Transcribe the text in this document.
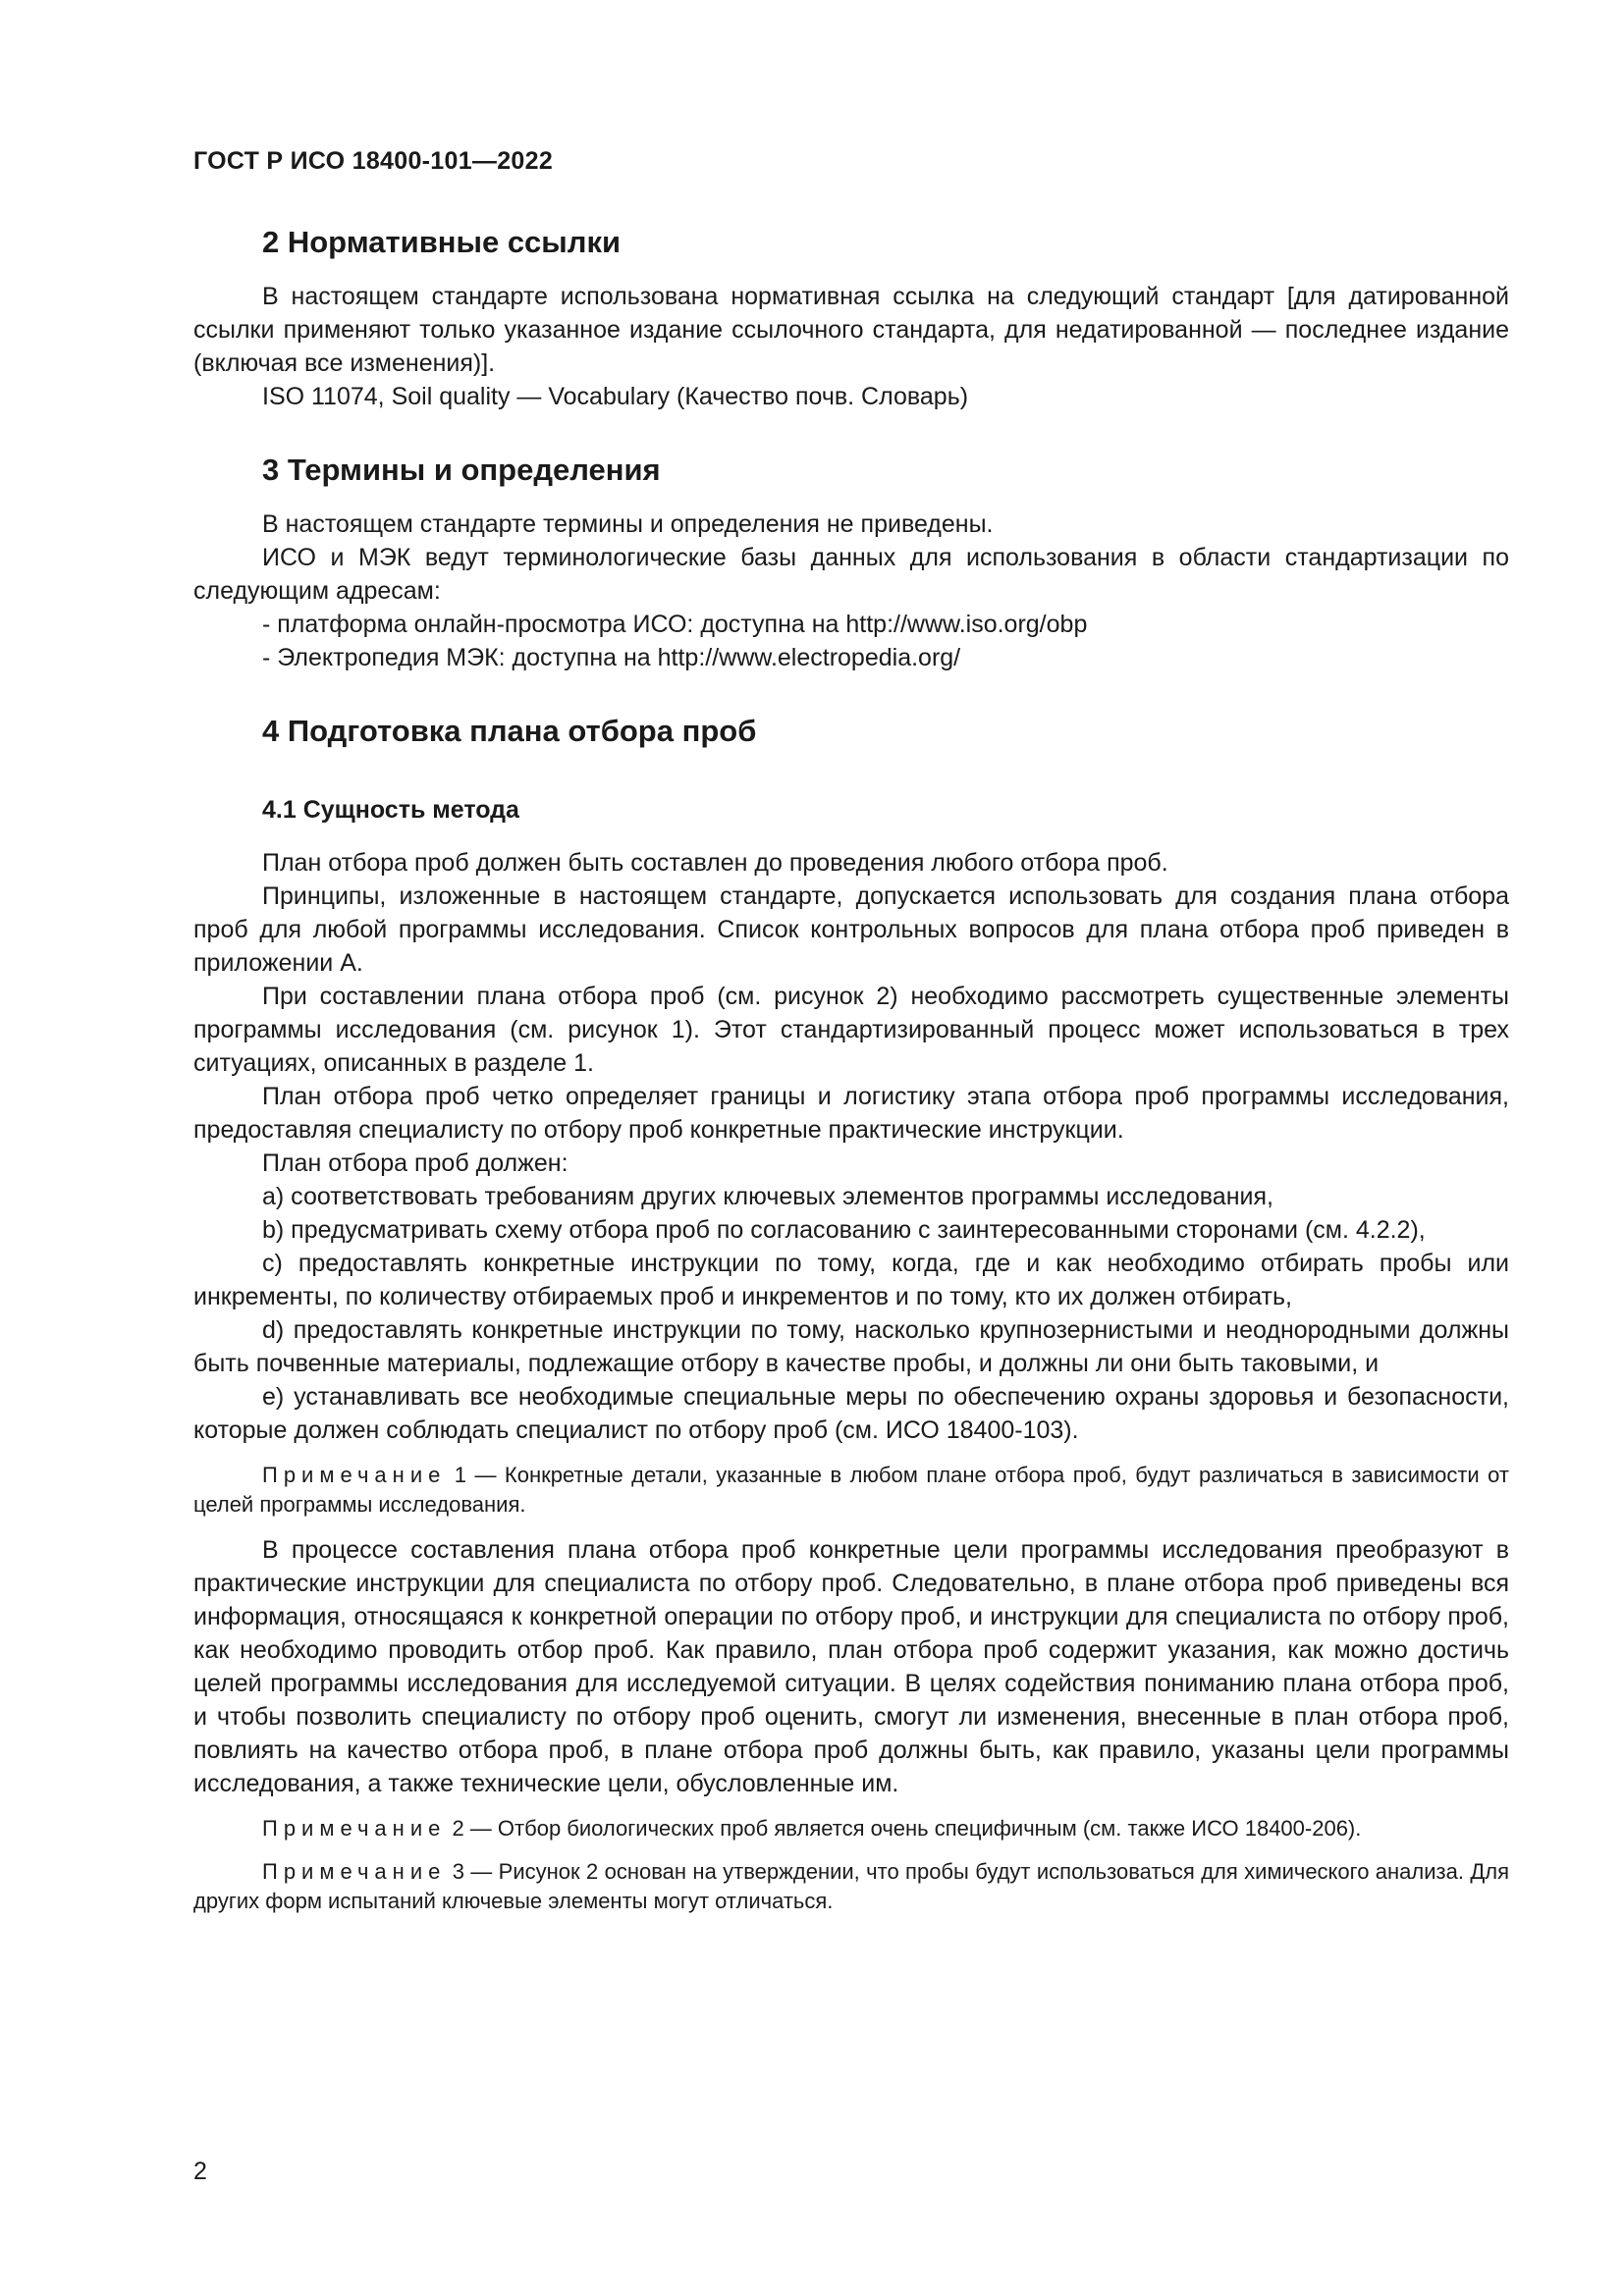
ГОСТ Р ИСО 18400-101—2022
2 Нормативные ссылки

В настоящем стандарте использована нормативная ссылка на следующий стандарт [для датированной ссылки применяют только указанное издание ссылочного стандарта, для недатированной — последнее издание (включая все изменения)].

ISO 11074, Soil quality — Vocabulary (Качество почв. Словарь)

3 Термины и определения

В настоящем стандарте термины и определения не приведены.

ИСО и МЭК ведут терминологические базы данных для использования в области стандартизации по следующим адресам:

- платформа онлайн-просмотра ИСО: доступна на http://www.iso.org/obp

- Электропедия МЭК: доступна на http://www.electropedia.org/

4 Подготовка плана отбора проб
4.1 Сущность метода

План отбора проб должен быть составлен до проведения любого отбора проб.

Принципы, изложенные в настоящем стандарте, допускается использовать для создания плана отбора проб для любой программы исследования. Список контрольных вопросов для плана отбора проб приведен в приложении А.

При составлении плана отбора проб (см. рисунок 2) необходимо рассмотреть существенные элементы программы исследования (см. рисунок 1). Этот стандартизированный процесс может использоваться в трех ситуациях, описанных в разделе 1.

План отбора проб четко определяет границы и логистику этапа отбора проб программы исследования, предоставляя специалисту по отбору проб конкретные практические инструкции.

План отбора проб должен:

a) соответствовать требованиям других ключевых элементов программы исследования,

b) предусматривать схему отбора проб по согласованию с заинтересованными сторонами (см. 4.2.2),

c) предоставлять конкретные инструкции по тому, когда, где и как необходимо отбирать пробы или инкременты, по количеству отбираемых проб и инкрементов и по тому, кто их должен отбирать,

d) предоставлять конкретные инструкции по тому, насколько крупнозернистыми и неоднородными должны быть почвенные материалы, подлежащие отбору в качестве пробы, и должны ли они быть таковыми, и

e) устанавливать все необходимые специальные меры по обеспечению охраны здоровья и безопасности, которые должен соблюдать специалист по отбору проб (см. ИСО 18400-103).

Примечание 1 — Конкретные детали, указанные в любом плане отбора проб, будут различаться в зависимости от целей программы исследования.

В процессе составления плана отбора проб конкретные цели программы исследования преобразуют в практические инструкции для специалиста по отбору проб. Следовательно, в плане отбора проб приведены вся информация, относящаяся к конкретной операции по отбору проб, и инструкции для специалиста по отбору проб, как необходимо проводить отбор проб. Как правило, план отбора проб содержит указания, как можно достичь целей программы исследования для исследуемой ситуации. В целях содействия пониманию плана отбора проб, и чтобы позволить специалисту по отбору проб оценить, смогут ли изменения, внесенные в план отбора проб, повлиять на качество отбора проб, в плане отбора проб должны быть, как правило, указаны цели программы исследования, а также технические цели, обусловленные им.

Примечание 2 — Отбор биологических проб является очень специфичным (см. также ИСО 18400-206).
Примечание 3 — Рисунок 2 основан на утверждении, что пробы будут использоваться для химического анализа. Для других форм испытаний ключевые элементы могут отличаться.
2
